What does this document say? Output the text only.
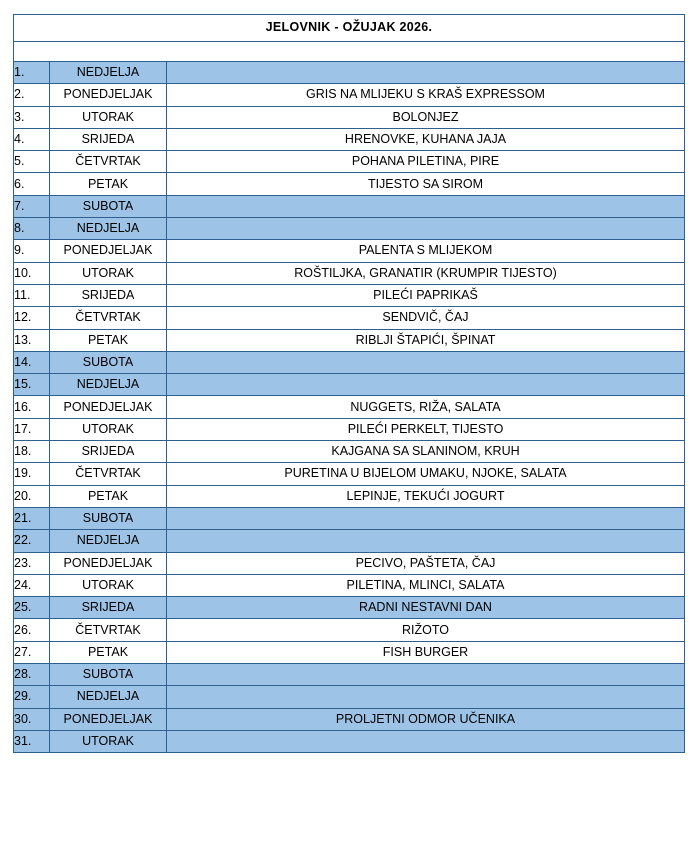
JELOVNIK - OŽUJAK 2026.		

1.	NEDJELJA	
2.	PONEDJELJAK	GRIS NA MLIJEKU S KRAŠ EXPRESSOM
3.	UTORAK	BOLONJEZ
4.	SRIJEDA	HRENOVKE, KUHANA JAJA
5.	ČETVRTAK	POHANA PILETINA, PIRE
6.	PETAK	TIJESTO SA SIROM
7.	SUBOTA	
8.	NEDJELJA	
9.	PONEDJELJAK	PALENTA S MLIJEKOM
10.	UTORAK	ROŠTILJKA, GRANATIR (KRUMPIR TIJESTO)
11.	SRIJEDA	PILEĆI PAPRIKAŠ
12.	ČETVRTAK	SENDVIČ, ČAJ
13.	PETAK	RIBLJI ŠTAPIĆI, ŠPINAT
14.	SUBOTA	
15.	NEDJELJA	
16.	PONEDJELJAK	NUGGETS, RIŽA, SALATA
17.	UTORAK	PILEĆI PERKELT, TIJESTO
18.	SRIJEDA	KAJGANA SA SLANINOM, KRUH
19.	ČETVRTAK	PURETINA U BIJELOM UMAKU, NJOKE, SALATA
20.	PETAK	LEPINJE, TEKUĆI JOGURT
21.	SUBOTA	
22.	NEDJELJA	
23.	PONEDJELJAK	PECIVO, PAŠTETA, ČAJ
24.	UTORAK	PILETINA, MLINCI, SALATA
25.	SRIJEDA	RADNI NESTAVNI DAN
26.	ČETVRTAK	RIŽOTO
27.	PETAK	FISH BURGER
28.	SUBOTA	
29.	NEDJELJA	
30.	PONEDJELJAK	PROLJETNI ODMOR UČENIKA
31.	UTORAK	
